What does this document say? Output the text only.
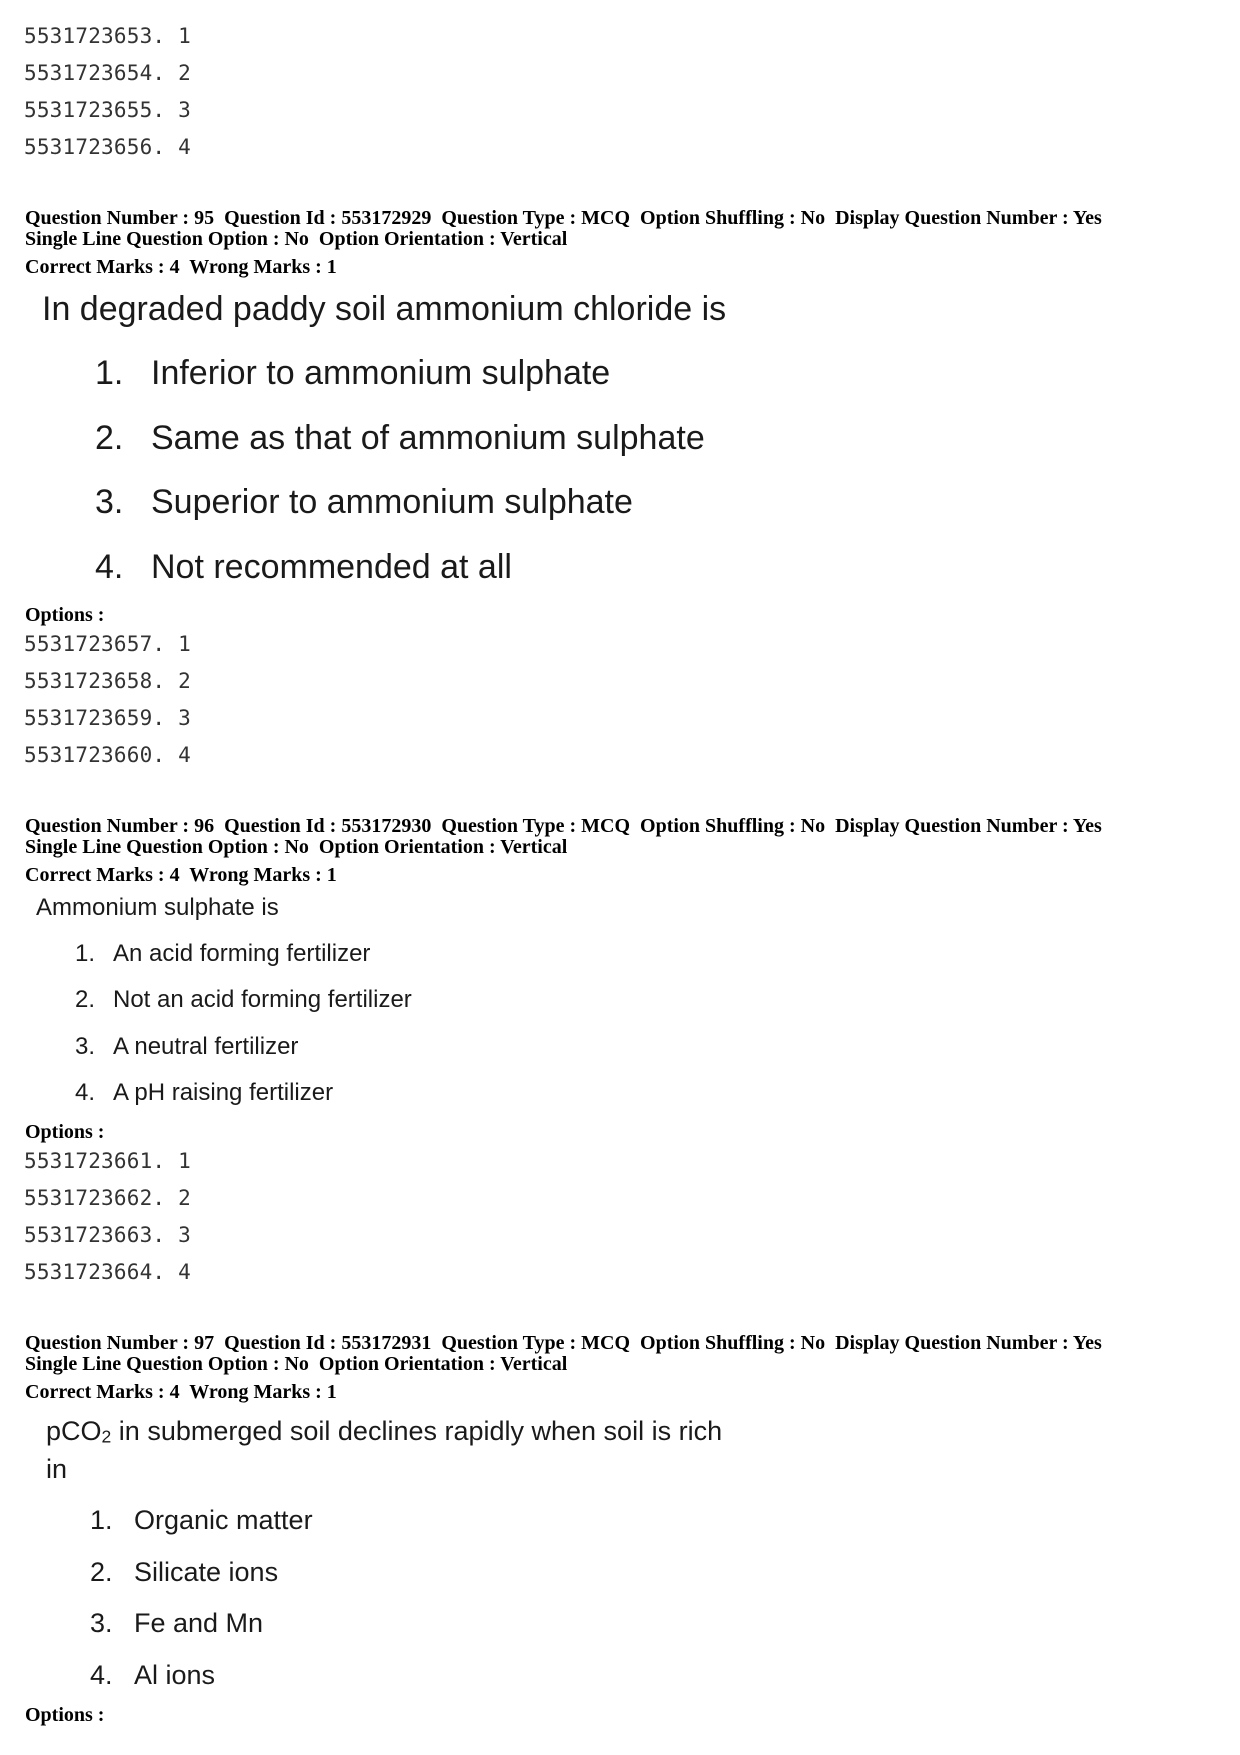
5531723653. 1
5531723654. 2
5531723655. 3
5531723656. 4
Question Number : 95  Question Id : 553172929  Question Type : MCQ  Option Shuffling : No  Display Question Number : Yes
Single Line Question Option : No  Option Orientation : Vertical
Correct Marks : 4  Wrong Marks : 1
In degraded paddy soil ammonium chloride is
1. Inferior to ammonium sulphate
2. Same as that of ammonium sulphate
3. Superior to ammonium sulphate
4. Not recommended at all
Options :
5531723657. 1
5531723658. 2
5531723659. 3
5531723660. 4
Question Number : 96  Question Id : 553172930  Question Type : MCQ  Option Shuffling : No  Display Question Number : Yes
Single Line Question Option : No  Option Orientation : Vertical
Correct Marks : 4  Wrong Marks : 1
Ammonium sulphate is
1. An acid forming fertilizer
2. Not an acid forming fertilizer
3. A neutral fertilizer
4. A pH raising fertilizer
Options :
5531723661. 1
5531723662. 2
5531723663. 3
5531723664. 4
Question Number : 97  Question Id : 553172931  Question Type : MCQ  Option Shuffling : No  Display Question Number : Yes
Single Line Question Option : No  Option Orientation : Vertical
Correct Marks : 4  Wrong Marks : 1
pCO$_2$ in submerged soil declines rapidly when soil is rich
in
1. Organic matter
2. Silicate ions
3. Fe and Mn
4. Al ions
Options :
